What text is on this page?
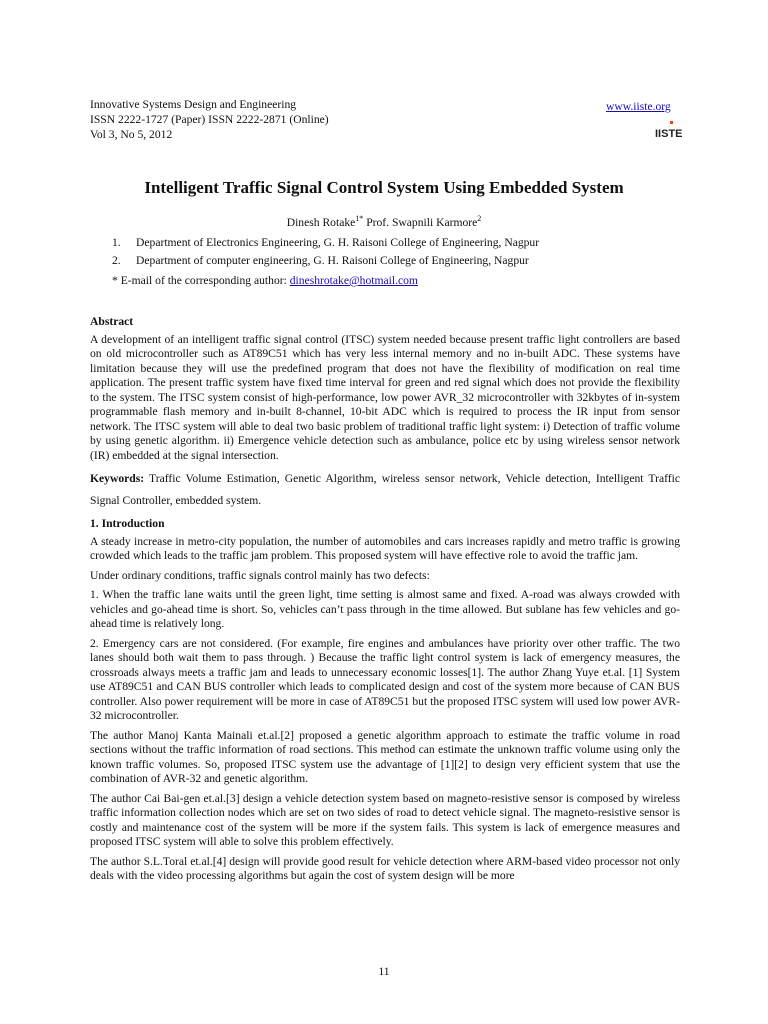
Innovative Systems Design and Engineering
ISSN 2222-1727 (Paper) ISSN 2222-2871 (Online)
Vol 3, No 5, 2012
www.iiste.org
IISTE
Intelligent Traffic Signal Control System Using Embedded System
Dinesh Rotake$^{1*}$ Prof. Swapnili Karmore$^2$
1. Department of Electronics Engineering, G. H. Raisoni College of Engineering, Nagpur
2. Department of computer engineering, G. H. Raisoni College of Engineering, Nagpur
* E-mail of the corresponding author: dineshrotake@hotmail.com
Abstract

A development of an intelligent traffic signal control (ITSC) system needed because present traffic light controllers are based on old microcontroller such as AT89C51 which has very less internal memory and no in-built ADC. These systems have limitation because they will use the predefined program that does not have the flexibility of modification on real time application. The present traffic system have fixed time interval for green and red signal which does not provide the flexibility to the system. The ITSC system consist of high-performance, low power AVR_32 microcontroller with 32kbytes of in-system programmable flash memory and in-built 8-channel, 10-bit ADC which is required to process the IR input from sensor network. The ITSC system will able to deal two basic problem of traditional traffic light system: i) Detection of traffic volume by using genetic algorithm. ii) Emergence vehicle detection such as ambulance, police etc by using wireless sensor network (IR) embedded at the signal intersection.

Keywords: Traffic Volume Estimation, Genetic Algorithm, wireless sensor network, Vehicle detection, Intelligent Traffic Signal Controller, embedded system.

1. Introduction

A steady increase in metro-city population, the number of automobiles and cars increases rapidly and metro traffic is growing crowded which leads to the traffic jam problem. This proposed system will have effective role to avoid the traffic jam.

Under ordinary conditions, traffic signals control mainly has two defects:

1. When the traffic lane waits until the green light, time setting is almost same and fixed. A-road was always crowded with vehicles and go-ahead time is short. So, vehicles can’t pass through in the time allowed. But sublane has few vehicles and go-ahead time is relatively long.

2. Emergency cars are not considered. (For example, fire engines and ambulances have priority over other traffic. The two lanes should both wait them to pass through. ) Because the traffic light control system is lack of emergency measures, the crossroads always meets a traffic jam and leads to unnecessary economic losses[1]. The author Zhang Yuye et.al. [1] System use AT89C51 and CAN BUS controller which leads to complicated design and cost of the system more because of CAN BUS controller. Also power requirement will be more in case of AT89C51 but the proposed ITSC system will used low power AVR-32 microcontroller.

The author Manoj Kanta Mainali et.al.[2] proposed a genetic algorithm approach to estimate the traffic volume in road sections without the traffic information of road sections. This method can estimate the unknown traffic volume using only the known traffic volumes. So, proposed ITSC system use the advantage of [1][2] to design very efficient system that use the combination of AVR-32 and genetic algorithm.

The author Cai Bai-gen et.al.[3] design a vehicle detection system based on magneto-resistive sensor is composed by wireless traffic information collection nodes which are set on two sides of road to detect vehicle signal. The magneto-resistive sensor is costly and maintenance cost of the system will be more if the system fails. This system is lack of emergence measures and proposed ITSC system will able to solve this problem effectively.

The author S.L.Toral et.al.[4] design will provide good result for vehicle detection where ARM-based video processor not only deals with the video processing algorithms but again the cost of system design will be more

11
